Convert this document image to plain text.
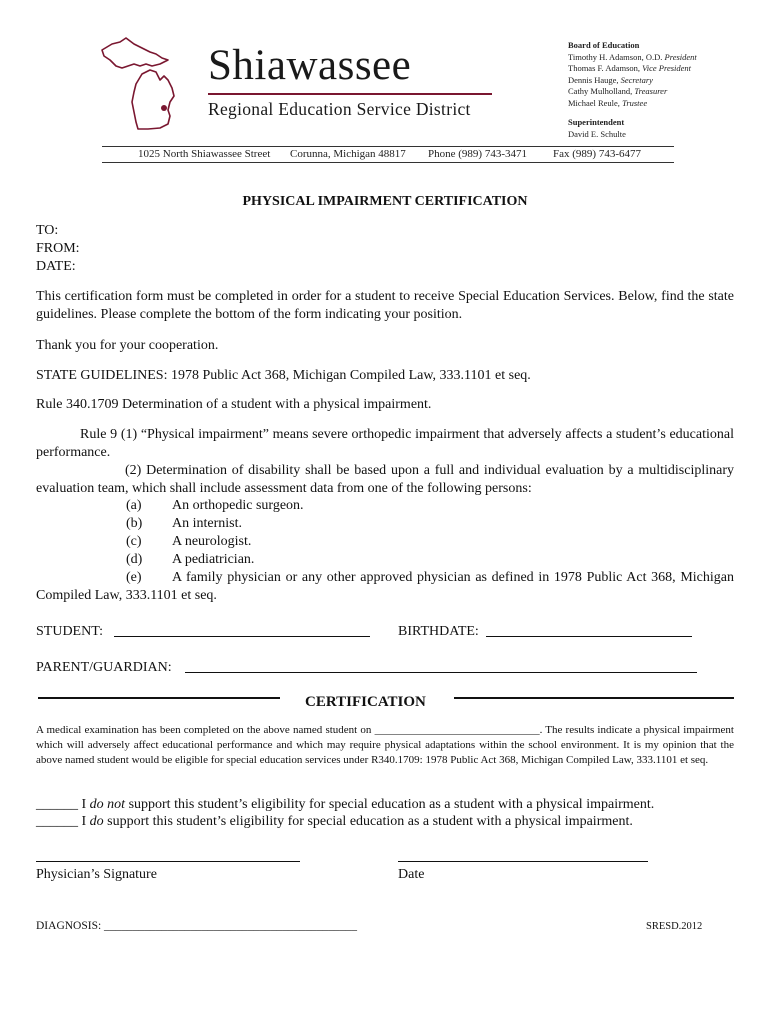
Shiawassee
Regional Education Service District
Board of Education
Timothy H. Adamson, O.D. President
Thomas F. Adamson, Vice President
Dennis Hauge, Secretary
Cathy Mulholland, Treasurer
Michael Reule, Trustee
Superintendent
David E. Schulte
1025 North Shiawassee Street Corunna, Michigan 48817 Phone (989) 743-3471 Fax (989) 743-6477
PHYSICAL IMPAIRMENT CERTIFICATION
TO:
FROM:
DATE:
This certification form must be completed in order for a student to receive Special Education Services. Below, find the state guidelines. Please complete the bottom of the form indicating your position.
Thank you for your cooperation.
STATE GUIDELINES: 1978 Public Act 368, Michigan Compiled Law, 333.1101 et seq.
Rule 340.1709 Determination of a student with a physical impairment.
Rule 9 (1) “Physical impairment” means severe orthopedic impairment that adversely affects a student’s educational performance.
(2) Determination of disability shall be based upon a full and individual evaluation by a multidisciplinary evaluation team, which shall include assessment data from one of the following persons:
(a) An orthopedic surgeon.
(b) An internist.
(c) A neurologist.
(d) A pediatrician.
(e) A family physician or any other approved physician as defined in 1978 Public Act 368, Michigan Compiled Law, 333.1101 et seq.
STUDENT:	BIRTHDATE:
PARENT/GUARDIAN:
CERTIFICATION
A medical examination has been completed on the above named student on ______________________________. The results indicate a physical impairment which will adversely affect educational performance and which may require physical adaptations within the school environment. It is my opinion that the above named student would be eligible for special education services under R340.1709: 1978 Public Act 368, Michigan Compiled Law, 333.1101 et seq.
______ I do not support this student’s eligibility for special education as a student with a physical impairment.
______ I do support this student’s eligibility for special education as a student with a physical impairment.
Physician’s Signature	Date
DIAGNOSIS: ____________________________________________	SRESD.2012
